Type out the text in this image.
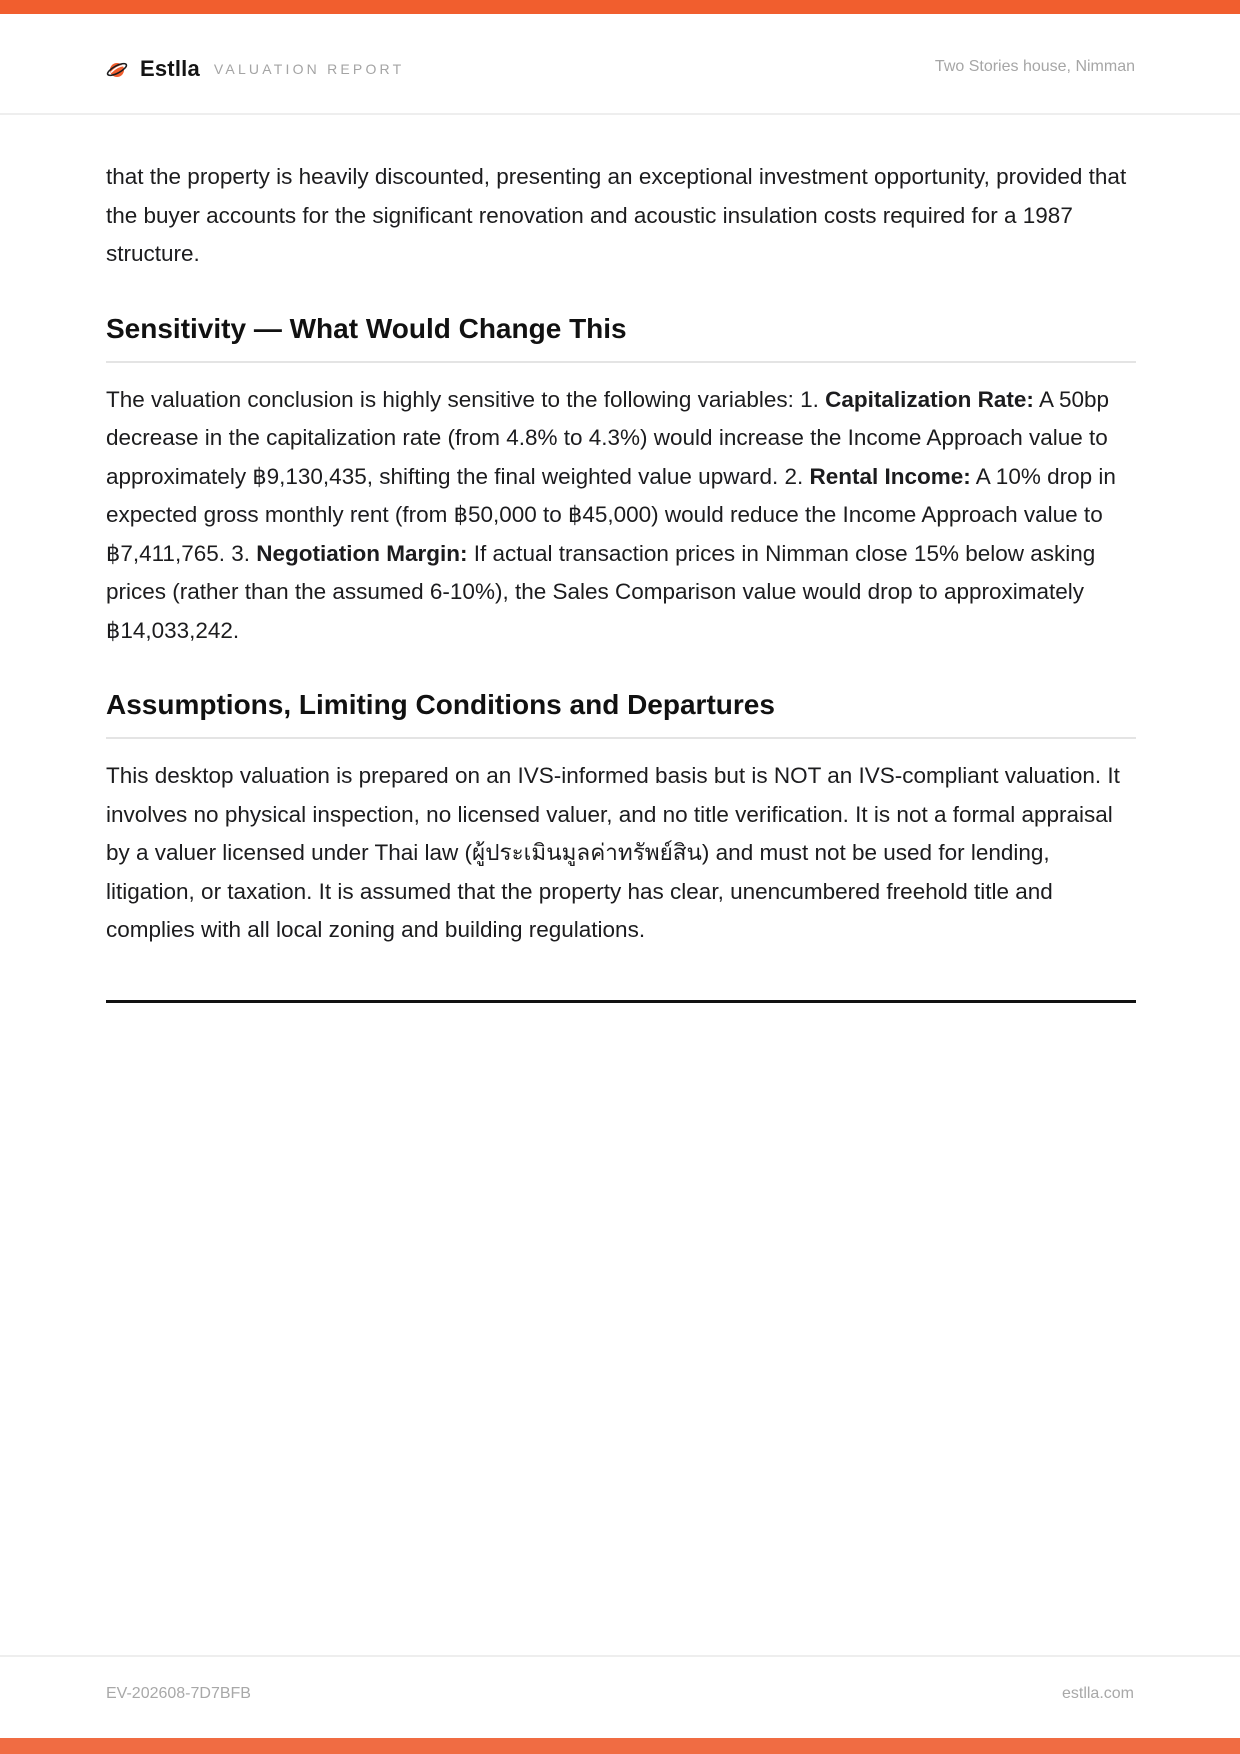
Estlla VALUATION REPORT	Two Stories house, Nimman

that the property is heavily discounted, presenting an exceptional investment opportunity, provided that the buyer accounts for the significant renovation and acoustic insulation costs required for a 1987 structure.

Sensitivity — What Would Change This

The valuation conclusion is highly sensitive to the following variables: 1. Capitalization Rate: A 50bp decrease in the capitalization rate (from 4.8% to 4.3%) would increase the Income Approach value to approximately ฿9,130,435, shifting the final weighted value upward. 2. Rental Income: A 10% drop in expected gross monthly rent (from ฿50,000 to ฿45,000) would reduce the Income Approach value to ฿7,411,765. 3. Negotiation Margin: If actual transaction prices in Nimman close 15% below asking prices (rather than the assumed 6-10%), the Sales Comparison value would drop to approximately ฿14,033,242.

Assumptions, Limiting Conditions and Departures

This desktop valuation is prepared on an IVS-informed basis but is NOT an IVS-compliant valuation. It involves no physical inspection, no licensed valuer, and no title verification. It is not a formal appraisal by a valuer licensed under Thai law (ผู้ประเมินมูลค่าทรัพย์สิน) and must not be used for lending, litigation, or taxation. It is assumed that the property has clear, unencumbered freehold title and complies with all local zoning and building regulations.

EV-202608-7D7BFB	estlla.com
